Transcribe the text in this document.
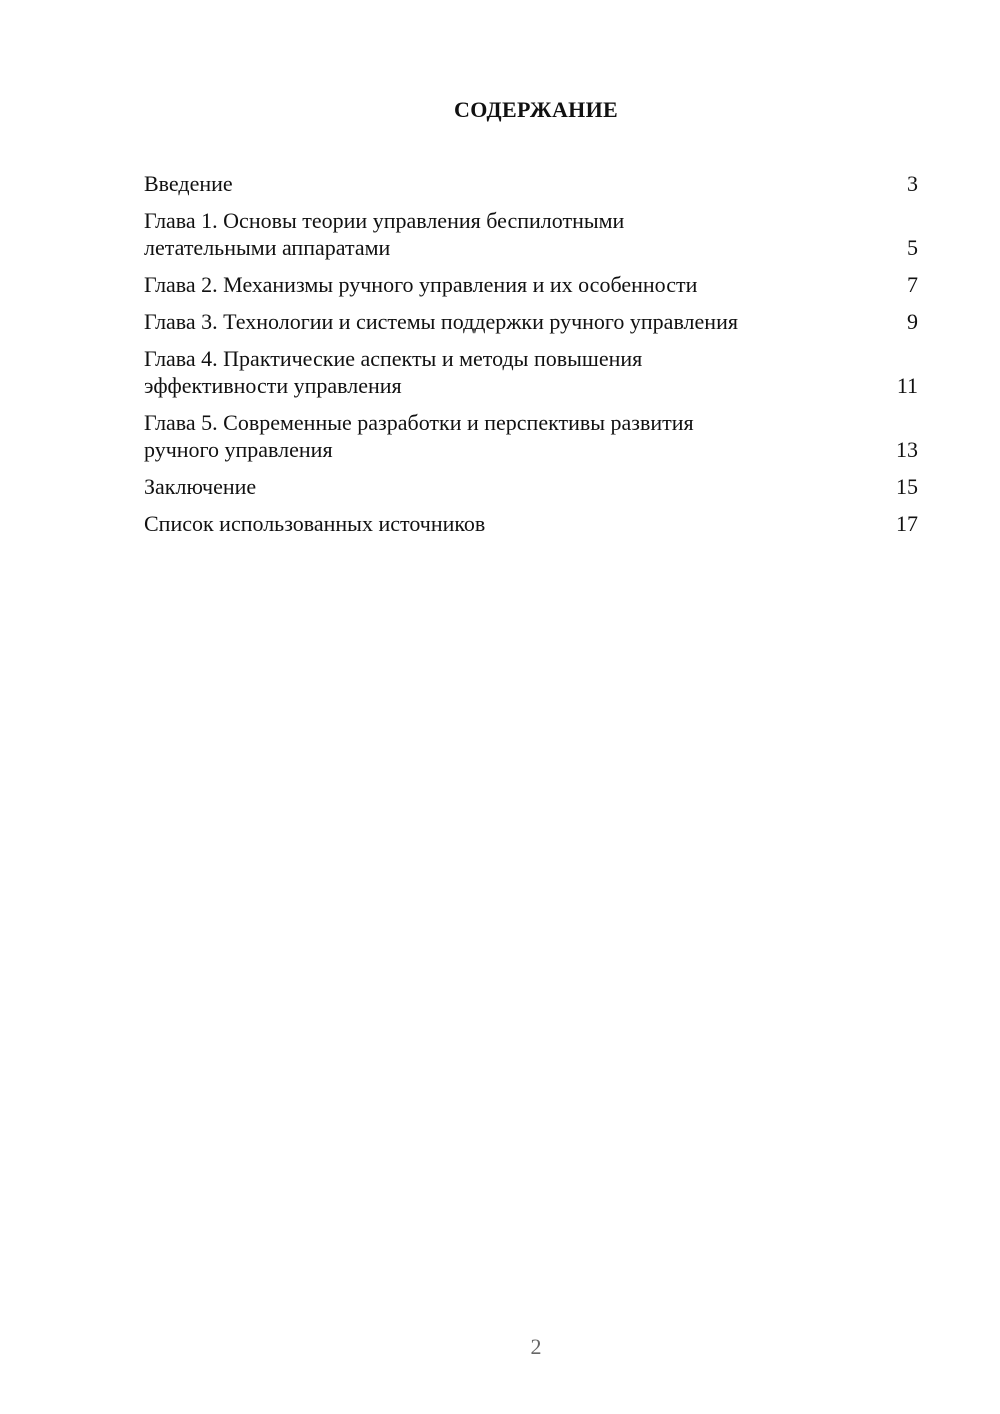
СОДЕРЖАНИЕ
Введение	3
Глава 1. Основы теории управления беспилотными
летательными аппаратами	5
Глава 2. Механизмы ручного управления и их особенности	7
Глава 3. Технологии и системы поддержки ручного управления	9
Глава 4. Практические аспекты и методы повышения
эффективности управления	11
Глава 5. Современные разработки и перспективы развития
ручного управления	13
Заключение	15
Список использованных источников	17
2
